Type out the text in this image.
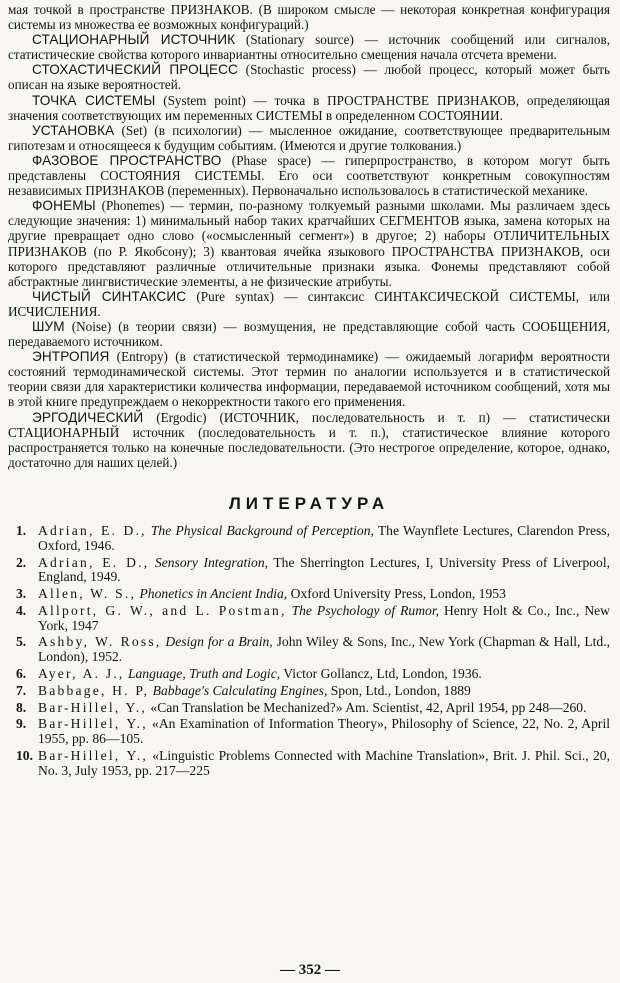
мая точкой в пространстве ПРИЗНАКОВ. (В широком смысле — некоторая конкретная конфигурация системы из множества ее возможных конфигураций.)

СТАЦИОНАРНЫЙ ИСТОЧНИК (Stationary source) — источник сообщений или сигналов, статистические свойства которого инвариантны относительно смещения начала отсчета времени.

СТОХАСТИЧЕСКИЙ ПРОЦЕСС (Stochastic process) — любой процесс, который может быть описан на языке вероятностей.

ТОЧКА СИСТЕМЫ (System point) — точка в ПРОСТРАНСТВЕ ПРИЗНАКОВ, определяющая значения соответствующих им переменных СИСТЕМЫ в определенном СОСТОЯНИИ.

УСТАНОВКА (Set) (в психологии) — мысленное ожидание, соответствующее предварительным гипотезам и относящееся к будущим событиям. (Имеются и другие толкования.)

ФАЗОВОЕ ПРОСТРАНСТВО (Phase space) — гиперпространство, в котором могут быть представлены СОСТОЯНИЯ СИСТЕМЫ. Его оси соответствуют конкретным совокупностям независимых ПРИЗНАКОВ (переменных). Первоначально использовалось в статистической механике.

ФОНЕМЫ (Phonemes) — термин, по-разному толкуемый разными школами. Мы различаем здесь следующие значения: 1) минимальный набор таких кратчайших СЕГМЕНТОВ языка, замена которых на другие превращает одно слово («осмысленный сегмент») в другое; 2) наборы ОТЛИЧИТЕЛЬНЫХ ПРИЗНАКОВ (по Р. Якобсону); 3) квантовая ячейка языкового ПРОСТРАНСТВА ПРИЗНАКОВ, оси которого представляют различные отличительные признаки языка. Фонемы представляют собой абстрактные лингвистические элементы, а не физические атрибуты.

ЧИСТЫЙ СИНТАКСИС (Pure syntax) — синтаксис СИНТАКСИЧЕСКОЙ СИСТЕМЫ, или ИСЧИСЛЕНИЯ.

ШУМ (Noise) (в теории связи) — возмущения, не представляющие собой часть СООБЩЕНИЯ, передаваемого источником.

ЭНТРОПИЯ (Entropy) (в статистической термодинамике) — ожидаемый логарифм вероятности состояний термодинамической системы. Этот термин по аналогии используется и в статистической теории связи для характеристики количества информации, передаваемой источником сообщений, хотя мы в этой книге предупреждаем о некорректности такого его применения.

ЭРГОДИЧЕСКИЙ (Ergodic) (ИСТОЧНИК, последовательность и т. п) — статистически СТАЦИОНАРНЫЙ источник (последовательность и т. п.), статистическое влияние которого распространяется только на конечные последовательности. (Это нестрогое определение, которое, однако, достаточно для наших целей.)

ЛИТЕРАТУРА
1. Adrian, E. D., The Physical Background of Perception, The Waynflete Lectures, Clarendon Press, Oxford, 1946.
2. Adrian, E. D., Sensory Integration, The Sherrington Lectures, I, University Press of Liverpool, England, 1949.
3. Allen, W. S., Phonetics in Ancient India, Oxford University Press, London, 1953
4. Allport, G. W., and L. Postman, The Psychology of Rumor, Henry Holt & Co., Inc., New York, 1947
5. Ashby, W. Ross, Design for a Brain, John Wiley & Sons, Inc., New York (Chapman & Hall, Ltd., London), 1952.
6. Ayer, A. J., Language, Truth and Logic, Victor Gollancz, Ltd, London, 1936.
7. Babbage, H. P, Babbage's Calculating Engines, Spon, Ltd., London, 1889
8. Bar-Hillel, Y., «Can Translation be Mechanized?» Am. Scientist, 42, April 1954, pp 248—260.
9. Bar-Hillel, Y., «An Examination of Information Theory», Philosophy of Science, 22, No. 2, April 1955, pp. 86—105.
10. Bar-Hillel, Y., «Linguistic Problems Connected with Machine Translation», Brit. J. Phil. Sci., 20, No. 3, July 1953, pp. 217—225
— 352 —
